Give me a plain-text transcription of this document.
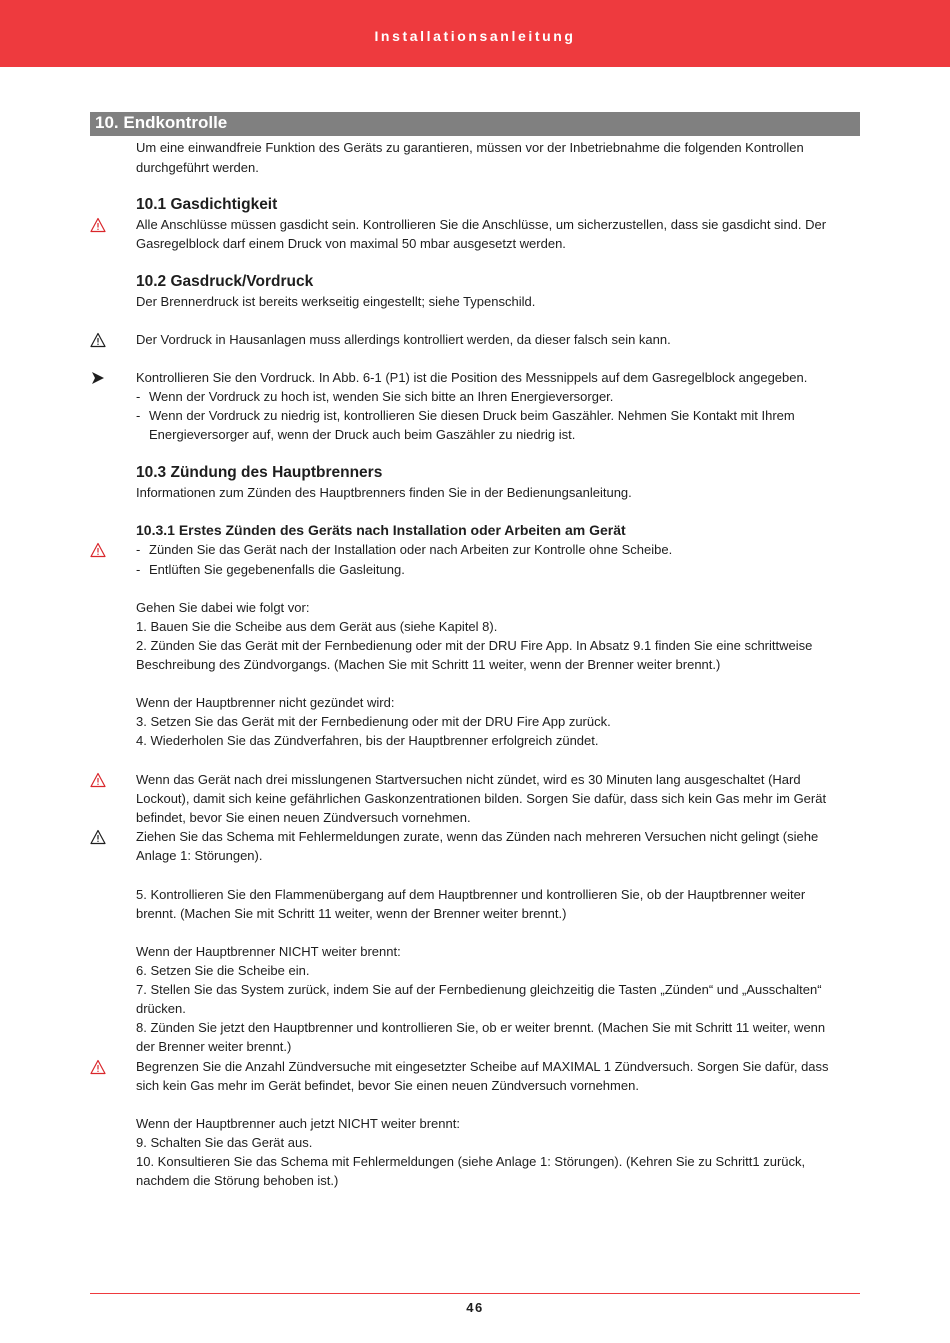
Installationsanleitung
10. Endkontrolle
Um eine einwandfreie Funktion des Geräts zu garantieren, müssen vor der Inbetriebnahme die folgenden Kontrollen
durchgeführt werden.
10.1 Gasdichtigkeit
Alle Anschlüsse müssen gasdicht sein. Kontrollieren Sie die Anschlüsse, um sicherzustellen, dass sie gasdicht sind. Der
Gasregelblock darf einem Druck von maximal 50 mbar ausgesetzt werden.
10.2 Gasdruck/Vordruck
Der Brennerdruck ist bereits werkseitig eingestellt; siehe Typenschild.
Der Vordruck in Hausanlagen muss allerdings kontrolliert werden, da dieser falsch sein kann.
Kontrollieren Sie den Vordruck. In Abb. 6-1 (P1) ist die Position des Messnippels auf dem Gasregelblock angegeben.
- Wenn der Vordruck zu hoch ist, wenden Sie sich bitte an Ihren Energieversorger.
- Wenn der Vordruck zu niedrig ist, kontrollieren Sie diesen Druck beim Gaszähler. Nehmen Sie Kontakt mit Ihrem
Energieversorger auf, wenn der Druck auch beim Gaszähler zu niedrig ist.
10.3 Zündung des Hauptbrenners
Informationen zum Zünden des Hauptbrenners finden Sie in der Bedienungsanleitung.
10.3.1 Erstes Zünden des Geräts nach Installation oder Arbeiten am Gerät
- Zünden Sie das Gerät nach der Installation oder nach Arbeiten zur Kontrolle ohne Scheibe.
- Entlüften Sie gegebenenfalls die Gasleitung.
Gehen Sie dabei wie folgt vor:
1. Bauen Sie die Scheibe aus dem Gerät aus (siehe Kapitel 8).
2. Zünden Sie das Gerät mit der Fernbedienung oder mit der DRU Fire App. In Absatz 9.1 finden Sie eine schrittweise
Beschreibung des Zündvorgangs. (Machen Sie mit Schritt 11 weiter, wenn der Brenner weiter brennt.)
Wenn der Hauptbrenner nicht gezündet wird:
3. Setzen Sie das Gerät mit der Fernbedienung oder mit der DRU Fire App zurück.
4. Wiederholen Sie das Zündverfahren, bis der Hauptbrenner erfolgreich zündet.
Wenn das Gerät nach drei misslungenen Startversuchen nicht zündet, wird es 30 Minuten lang ausgeschaltet (Hard
Lockout), damit sich keine gefährlichen Gaskonzentrationen bilden. Sorgen Sie dafür, dass sich kein Gas mehr im Gerät
befindet, bevor Sie einen neuen Zündversuch vornehmen.
Ziehen Sie das Schema mit Fehlermeldungen zurate, wenn das Zünden nach mehreren Versuchen nicht gelingt (siehe
Anlage 1: Störungen).
5. Kontrollieren Sie den Flammenübergang auf dem Hauptbrenner und kontrollieren Sie, ob der Hauptbrenner weiter
brennt. (Machen Sie mit Schritt 11 weiter, wenn der Brenner weiter brennt.)
Wenn der Hauptbrenner NICHT weiter brennt:
6. Setzen Sie die Scheibe ein.
7. Stellen Sie das System zurück, indem Sie auf der Fernbedienung gleichzeitig die Tasten „Zünden“ und „Ausschalten“
drücken.
8. Zünden Sie jetzt den Hauptbrenner und kontrollieren Sie, ob er weiter brennt. (Machen Sie mit Schritt 11 weiter, wenn
der Brenner weiter brennt.)
Begrenzen Sie die Anzahl Zündversuche mit eingesetzter Scheibe auf MAXIMAL 1 Zündversuch. Sorgen Sie dafür, dass
sich kein Gas mehr im Gerät befindet, bevor Sie einen neuen Zündversuch vornehmen.
Wenn der Hauptbrenner auch jetzt NICHT weiter brennt:
9. Schalten Sie das Gerät aus.
10. Konsultieren Sie das Schema mit Fehlermeldungen (siehe Anlage 1: Störungen). (Kehren Sie zu Schritt1 zurück,
nachdem die Störung behoben ist.)
46
